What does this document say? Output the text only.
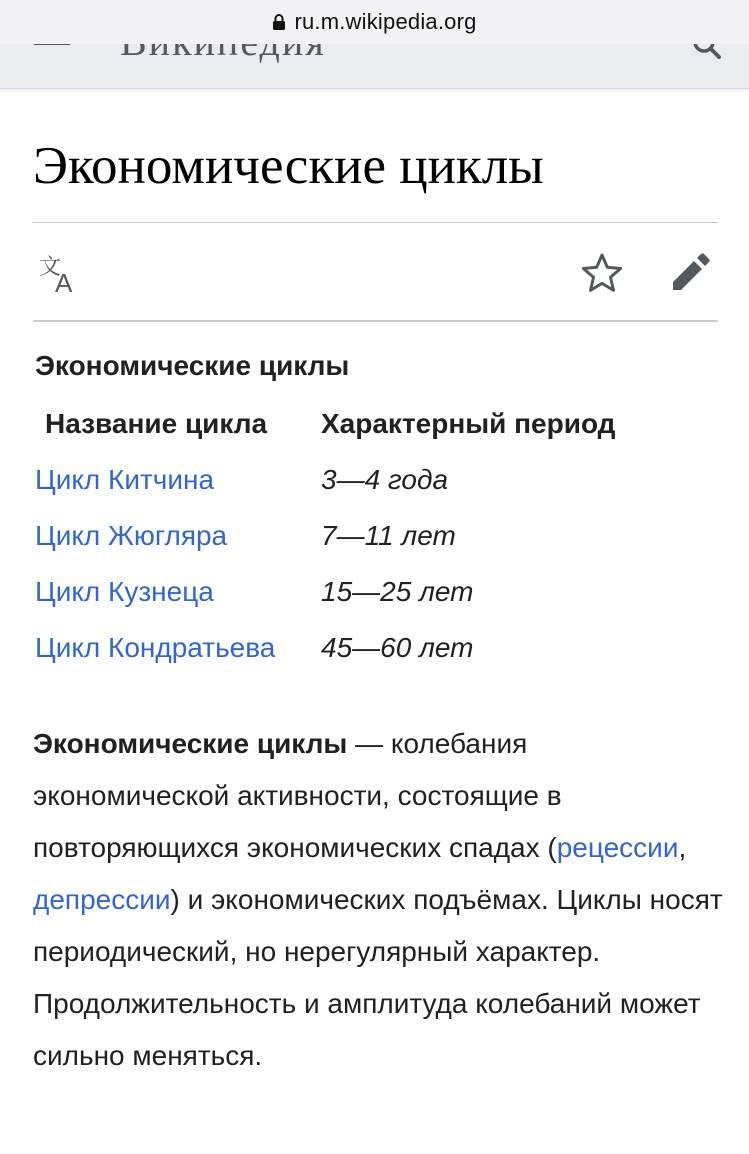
ru.m.wikipedia.org
Экономические циклы
文
A
Экономические циклы
Название цикла	Характерный период
Цикл Китчина	3—4 года
Цикл Жюгляра	7—11 лет
Цикл Кузнеца	15—25 лет
Цикл Кондратьева	45—60 лет

Экономические циклы — колебания экономической активности, состоящие в повторяющихся экономических спадах (рецессии, депрессии) и экономических подъёмах. Циклы носят периодический, но нерегулярный характер. Продолжительность и амплитуда колебаний может сильно меняться.
